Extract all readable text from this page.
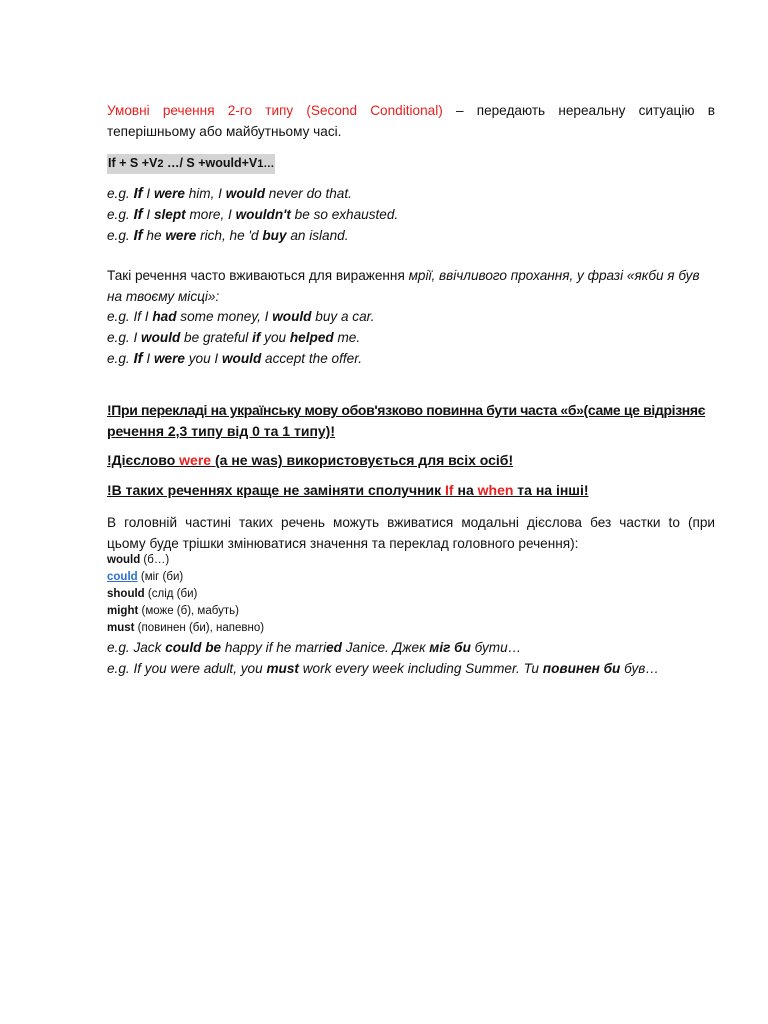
Умовні речення 2-го типу (Second Conditional) – передають нереальну ситуацію в
теперішньому або майбутньому часі.
If + S +V2 …/ S +would+V1…
e.g. If I were him, I would never do that.
e.g. If I slept more, I wouldn't be so exhausted.
e.g. If he were rich, he 'd buy an island.
Такі речення часто вживаються для вираження мрії, ввічливого прохання, у фразі «якби я був
на твоєму місці»:
e.g. If I had some money, I would buy a car.
e.g. I would be grateful if you helped me.
e.g. If I were you I would accept the offer.
!При перекладі на українську мову обов'язково повинна бути часта «б»(саме це відрізняє
речення 2,3 типу від 0 та 1 типу)!
!Дієслово were (а не was) використовується для всіх осіб!
!В таких реченнях краще не заміняти сполучник If на when та на інші!
В головній частині таких речень можуть вживатися модальні дієслова без частки to (при
цьому буде трішки змінюватися значення та переклад головного речення):
would (б…)
could (міг (би)
should (слід (би)
might (може (б), мабуть)
must (повинен (би), напевно)
e.g. Jack could be happy if he married Janice. Джек міг би бути…
e.g. If you were adult, you must work every week including Summer. Ти повинен би був…
